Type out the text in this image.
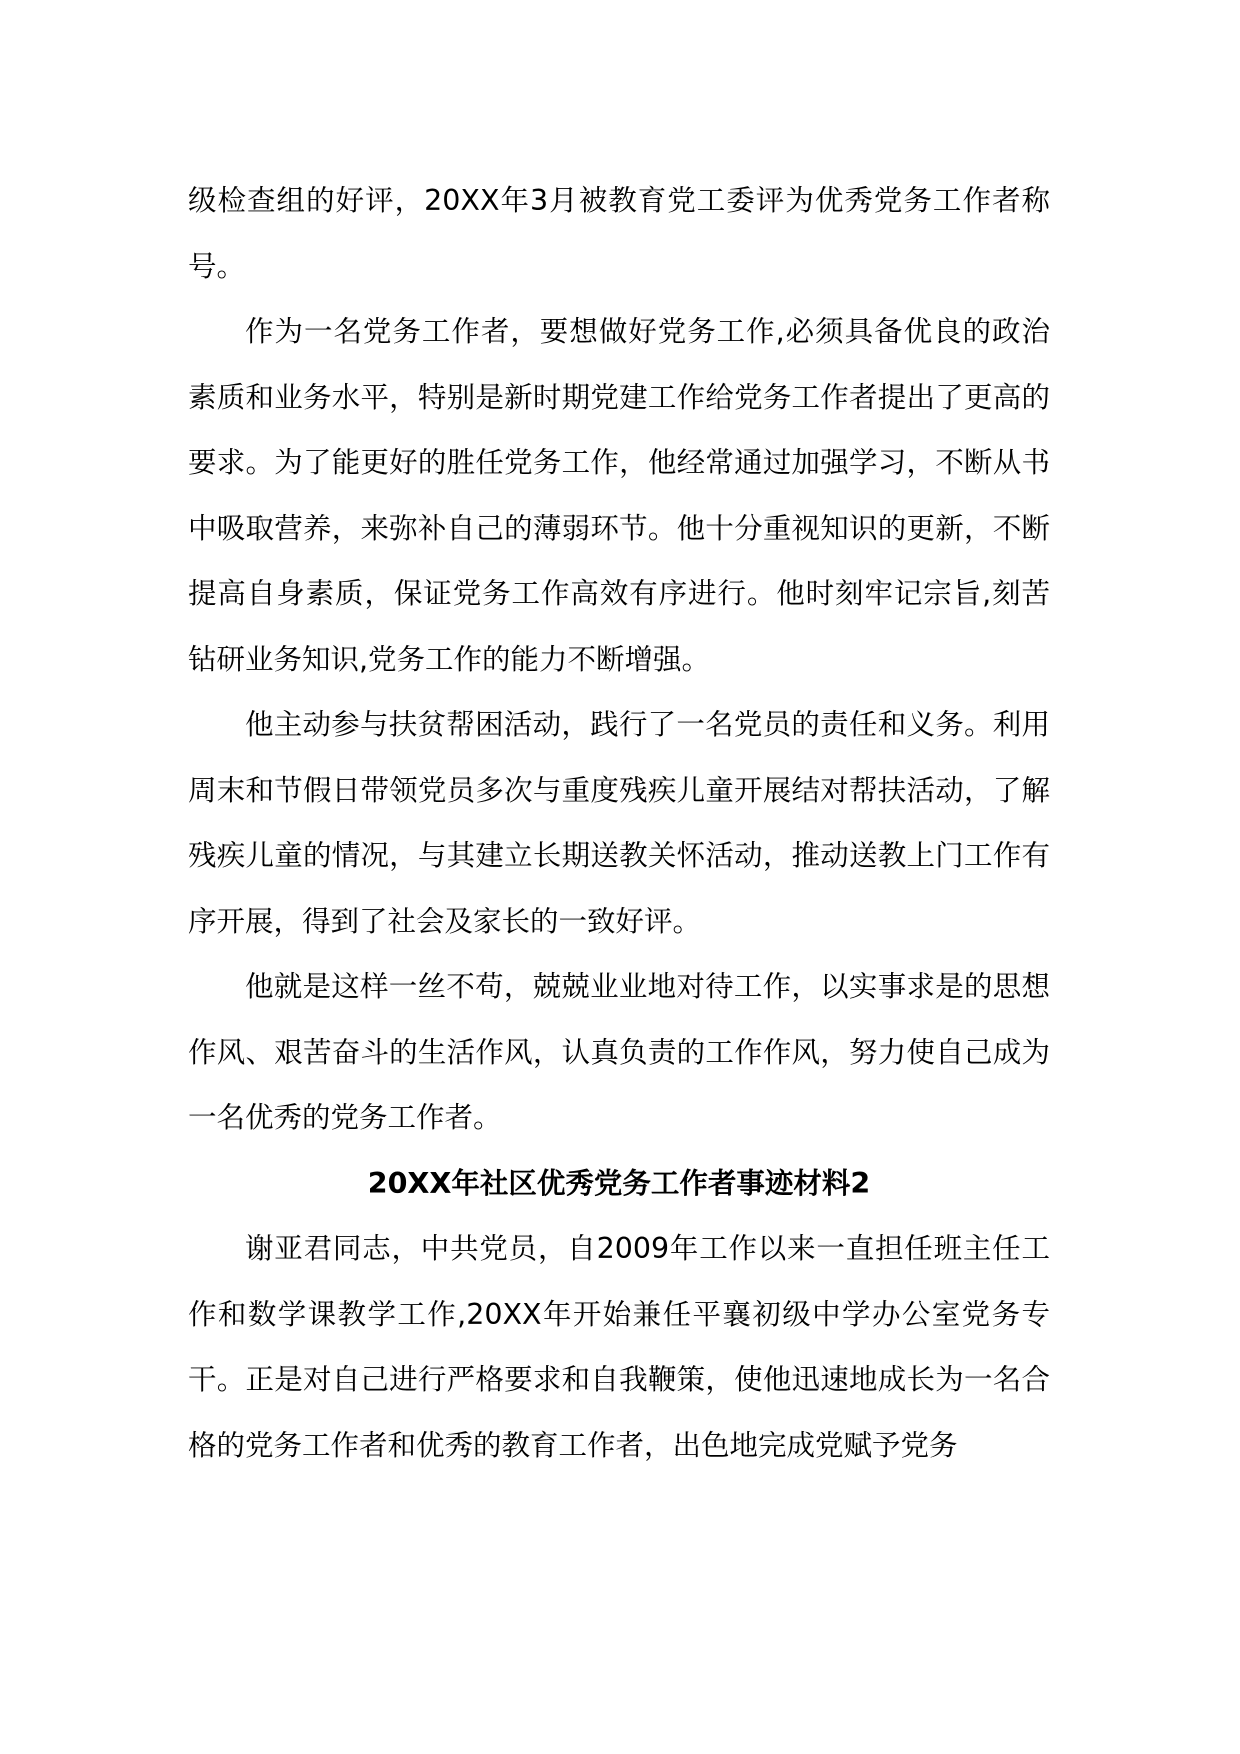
级检查组的好评，20XX年3月被教育党工委评为优秀党务工作者称号。

作为一名党务工作者，要想做好党务工作,必须具备优良的政治素质和业务水平，特别是新时期党建工作给党务工作者提出了更高的要求。为了能更好的胜任党务工作，他经常通过加强学习，不断从书中吸取营养，来弥补自己的薄弱环节。他十分重视知识的更新，不断提高自身素质，保证党务工作高效有序进行。他时刻牢记宗旨,刻苦钻研业务知识,党务工作的能力不断增强。

他主动参与扶贫帮困活动，践行了一名党员的责任和义务。利用周末和节假日带领党员多次与重度残疾儿童开展结对帮扶活动，了解残疾儿童的情况，与其建立长期送教关怀活动，推动送教上门工作有序开展，得到了社会及家长的一致好评。

他就是这样一丝不苟，兢兢业业地对待工作，以实事求是的思想作风、艰苦奋斗的生活作风，认真负责的工作作风，努力使自己成为一名优秀的党务工作者。

20XX年社区优秀党务工作者事迹材料2

谢亚君同志，中共党员，自2009年工作以来一直担任班主任工作和数学课教学工作,20XX年开始兼任平襄初级中学办公室党务专干。正是对自己进行严格要求和自我鞭策，使他迅速地成长为一名合格的党务工作者和优秀的教育工作者，出色地完成党赋予党务
